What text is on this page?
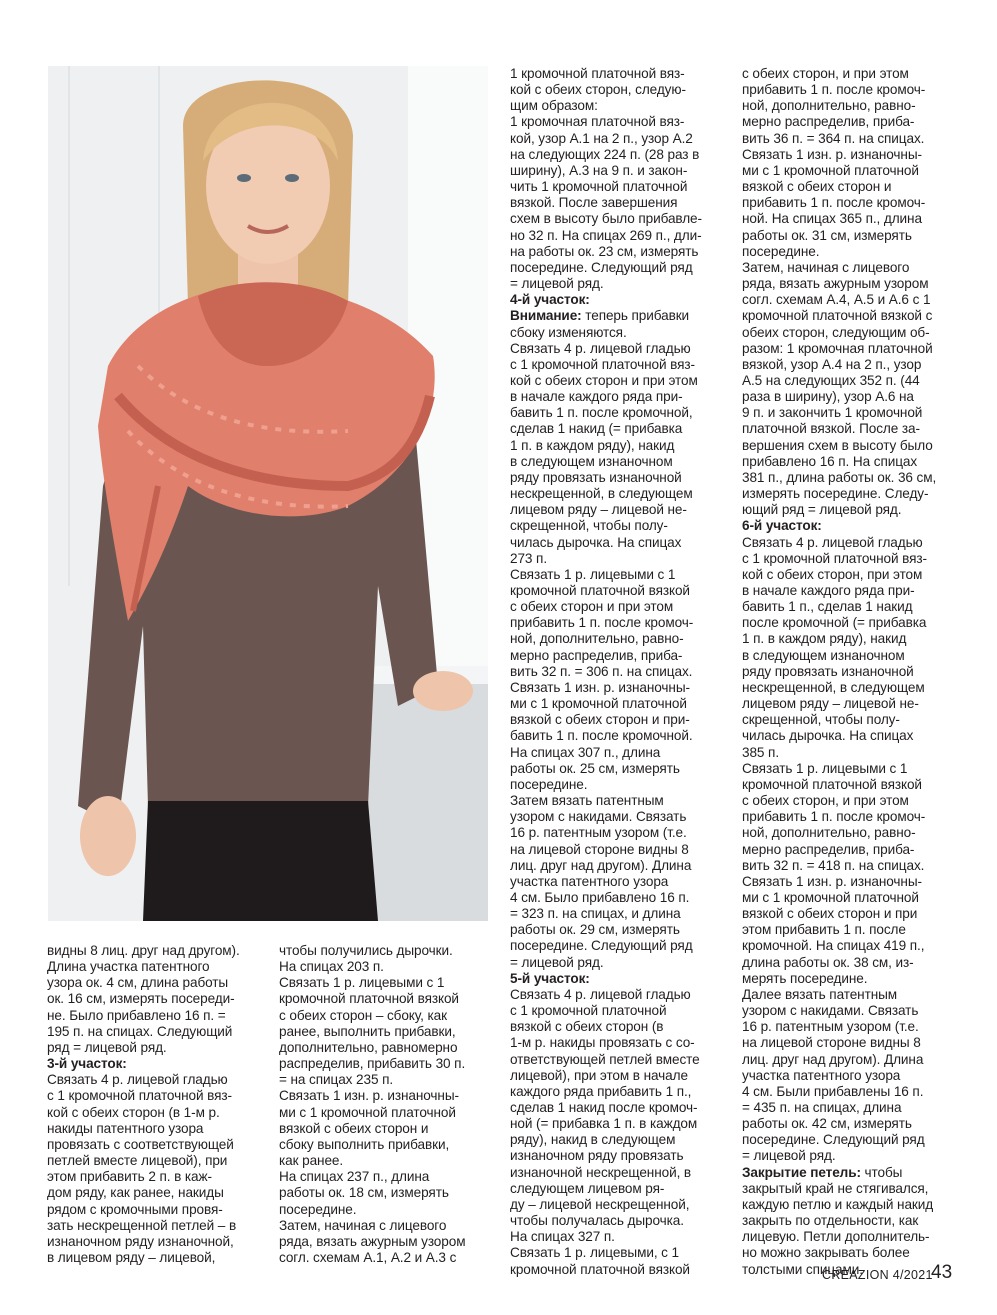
видны 8 лиц. друг над другом).
Длина участка патентного
узора ок. 4 см, длина работы
ок. 16 см, измерять посереди-
не. Было прибавлено 16 п. =
195 п. на спицах. Следующий
ряд = лицевой ряд.

3-й участок:

Связать 4 р. лицевой гладью
с 1 кромочной платочной вяз-
кой с обеих сторон (в 1-м р.
накиды патентного узора
провязать с соответствующей
петлей вместе лицевой), при
этом прибавить 2 п. в каж-
дом ряду, как ранее, накиды
рядом с кромочными провя-
зать нескрещенной петлей – в
изнаночном ряду изнаночной,
в лицевом ряду – лицевой,

чтобы получились дырочки.
На спицах 203 п.
Связать 1 р. лицевыми с 1
кромочной платочной вязкой
с обеих сторон – сбоку, как
ранее, выполнить прибавки,
дополнительно, равномерно
распределив, прибавить 30 п.
= на спицах 235 п.
Связать 1 изн. р. изнаночны-
ми с 1 кромочной платочной
вязкой с обеих сторон и
сбоку выполнить прибавки,
как ранее.
На спицах 237 п., длина
работы ок. 18 см, измерять
посередине.
Затем, начиная с лицевого
ряда, вязать ажурным узором
согл. схемам А.1, А.2 и А.3 с

1 кромочной платочной вяз-
кой с обеих сторон, следую-
щим образом:
1 кромочная платочной вяз-
кой, узор А.1 на 2 п., узор А.2
на следующих 224 п. (28 раз в
ширину), А.3 на 9 п. и закон-
чить 1 кромочной платочной
вязкой. После завершения
схем в высоту было прибавле-
но 32 п. На спицах 269 п., дли-
на работы ок. 23 см, измерять
посередине. Следующий ряд
= лицевой ряд.

4-й участок:

Внимание: теперь прибавки
сбоку изменяются.

Связать 4 р. лицевой гладью
с 1 кромочной платочной вяз-
кой с обеих сторон и при этом
в начале каждого ряда при-
бавить 1 п. после кромочной,
сделав 1 накид (= прибавка
1 п. в каждом ряду), накид
в следующем изнаночном
ряду провязать изнаночной
нескрещенной, в следующем
лицевом ряду – лицевой не-
скрещенной, чтобы полу-
чилась дырочка. На спицах
273 п.
Связать 1 р. лицевыми с 1
кромочной платочной вязкой
с обеих сторон и при этом
прибавить 1 п. после кромоч-
ной, дополнительно, равно-
мерно распределив, приба-
вить 32 п. = 306 п. на спицах.
Связать 1 изн. р. изнаночны-
ми с 1 кромочной платочной
вязкой с обеих сторон и при-
бавить 1 п. после кромочной.
На спицах 307 п., длина
работы ок. 25 см, измерять
посередине.
Затем вязать патентным
узором с накидами. Связать
16 р. патентным узором (т.е.
на лицевой стороне видны 8
лиц. друг над другом). Длина
участка патентного узора
4 см. Было прибавлено 16 п.
= 323 п. на спицах, и длина
работы ок. 29 см, измерять
посередине. Следующий ряд
= лицевой ряд.

5-й участок:

Связать 4 р. лицевой гладью
с 1 кромочной платочной
вязкой с обеих сторон (в
1-м р. накиды провязать с со-
ответствующей петлей вместе
лицевой), при этом в начале
каждого ряда прибавить 1 п.,
сделав 1 накид после кромоч-
ной (= прибавка 1 п. в каждом
ряду), накид в следующем
изнаночном ряду провязать
изнаночной нескрещенной, в
следующем лицевом ря-
ду – лицевой нескрещенной,
чтобы получалась дырочка.
На спицах 327 п.
Связать 1 р. лицевыми, с 1
кромочной платочной вязкой

с обеих сторон, и при этом
прибавить 1 п. после кромоч-
ной, дополнительно, равно-
мерно распределив, приба-
вить 36 п. = 364 п. на спицах.
Связать 1 изн. р. изнаночны-
ми с 1 кромочной платочной
вязкой с обеих сторон и
прибавить 1 п. после кромоч-
ной. На спицах 365 п., длина
работы ок. 31 см, измерять
посередине.
Затем, начиная с лицевого
ряда, вязать ажурным узором
согл. схемам А.4, А.5 и А.6 с 1
кромочной платочной вязкой с
обеих сторон, следующим об-
разом: 1 кромочная платочной
вязкой, узор А.4 на 2 п., узор
А.5 на следующих 352 п. (44
раза в ширину), узор А.6 на
9 п. и закончить 1 кромочной
платочной вязкой. После за-
вершения схем в высоту было
прибавлено 16 п. На спицах
381 п., длина работы ок. 36 см,
измерять посередине. Следу-
ющий ряд = лицевой ряд.

6-й участок:

Связать 4 р. лицевой гладью
с 1 кромочной платочной вяз-
кой с обеих сторон, при этом
в начале каждого ряда при-
бавить 1 п., сделав 1 накид
после кромочной (= прибавка
1 п. в каждом ряду), накид
в следующем изнаночном
ряду провязать изнаночной
нескрещенной, в следующем
лицевом ряду – лицевой не-
скрещенной, чтобы полу-
чилась дырочка. На спицах
385 п.
Связать 1 р. лицевыми с 1
кромочной платочной вязкой
с обеих сторон, и при этом
прибавить 1 п. после кромоч-
ной, дополнительно, равно-
мерно распределив, приба-
вить 32 п. = 418 п. на спицах.
Связать 1 изн. р. изнаночны-
ми с 1 кромочной платочной
вязкой с обеих сторон и при
этом прибавить 1 п. после
кромочной. На спицах 419 п.,
длина работы ок. 38 см, из-
мерять посередине.
Далее вязать патентным
узором с накидами. Связать
16 р. патентным узором (т.е.
на лицевой стороне видны 8
лиц. друг над другом). Длина
участка патентного узора
4 см. Были прибавлены 16 п.
= 435 п. на спицах, длина
работы ок. 42 см, измерять
посередине. Следующий ряд
= лицевой ряд.

Закрытие петель: чтобы
закрытый край не стягивался,
каждую петлю и каждый накид
закрыть по отдельности, как
лицевую. Петли дополнитель-
но можно закрывать более
толстыми спицами.

CREAZION 4/2021
43
